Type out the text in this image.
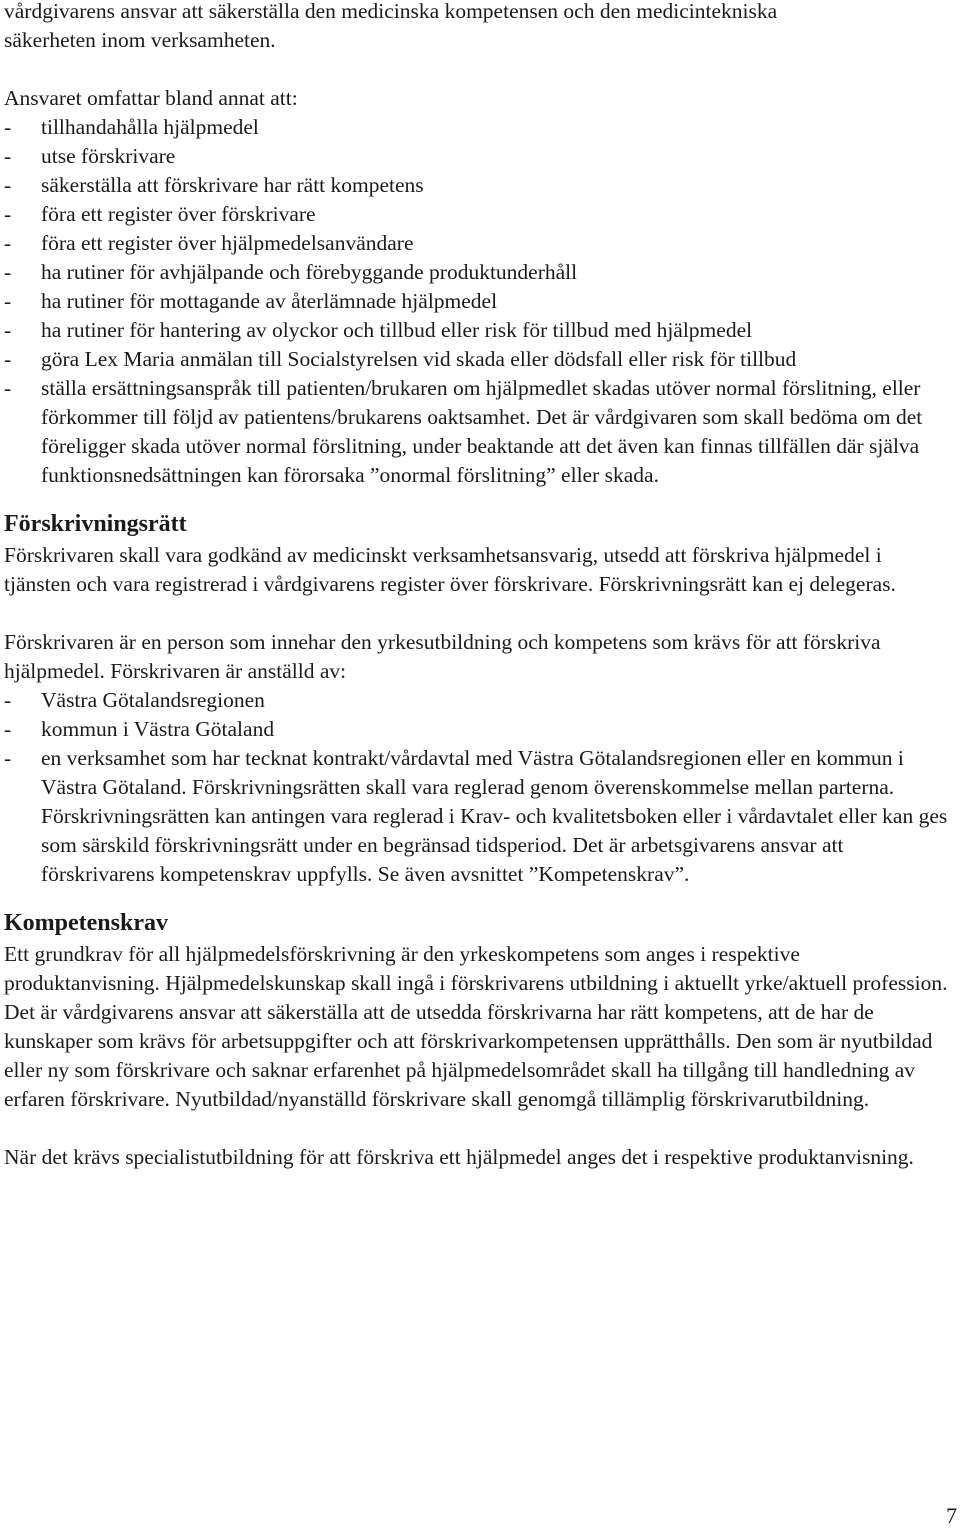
vårdgivarens ansvar att säkerställa den medicinska kompetensen och den medicintekniska

säkerheten inom verksamheten.

Ansvaret omfattar bland annat att:

- tillhandahålla hjälpmedel
- utse förskrivare
- säkerställa att förskrivare har rätt kompetens
- föra ett register över förskrivare
- föra ett register över hjälpmedelsanvändare
- ha rutiner för avhjälpande och förebyggande produktunderhåll
- ha rutiner för mottagande av återlämnade hjälpmedel
- ha rutiner för hantering av olyckor och tillbud eller risk för tillbud med hjälpmedel
- göra Lex Maria anmälan till Socialstyrelsen vid skada eller dödsfall eller risk för tillbud
- ställa ersättningsanspråk till patienten/brukaren om hjälpmedlet skadas utöver normal förslitning, eller förkommer till följd av patientens/brukarens oaktsamhet. Det är vårdgivaren som skall bedöma om det föreligger skada utöver normal förslitning, under beaktande att det även kan finnas tillfällen där själva funktionsnedsättningen kan förorsaka ”onormal förslitning” eller skada.

Förskrivningsrätt

Förskrivaren skall vara godkänd av medicinskt verksamhetsansvarig, utsedd att förskriva hjälpmedel i tjänsten och vara registrerad i vårdgivarens register över förskrivare. Förskrivningsrätt kan ej delegeras.

Förskrivaren är en person som innehar den yrkesutbildning och kompetens som krävs för att förskriva hjälpmedel. Förskrivaren är anställd av:

- Västra Götalandsregionen
- kommun i Västra Götaland
- en verksamhet som har tecknat kontrakt/vårdavtal med Västra Götalandsregionen eller en kommun i Västra Götaland. Förskrivningsrätten skall vara reglerad genom överenskommelse mellan parterna. Förskrivningsrätten kan antingen vara reglerad i Krav- och kvalitetsboken eller i vårdavtalet eller kan ges som särskild förskrivningsrätt under en begränsad tidsperiod. Det är arbetsgivarens ansvar att förskrivarens kompetenskrav uppfylls. Se även avsnittet ”Kompetenskrav”.

Kompetenskrav

Ett grundkrav för all hjälpmedelsförskrivning är den yrkeskompetens som anges i respektive produktanvisning. Hjälpmedelskunskap skall ingå i förskrivarens utbildning i aktuellt yrke/aktuell profession. Det är vårdgivarens ansvar att säkerställa att de utsedda förskrivarna har rätt kompetens, att de har de kunskaper som krävs för arbetsuppgifter och att förskrivarkompetensen upprätthålls. Den som är nyutbildad eller ny som förskrivare och saknar erfarenhet på hjälpmedelsområdet skall ha tillgång till handledning av erfaren förskrivare. Nyutbildad/nyanställd förskrivare skall genomgå tillämplig förskrivarutbildning.

När det krävs specialistutbildning för att förskriva ett hjälpmedel anges det i respektive produktanvisning.

7
